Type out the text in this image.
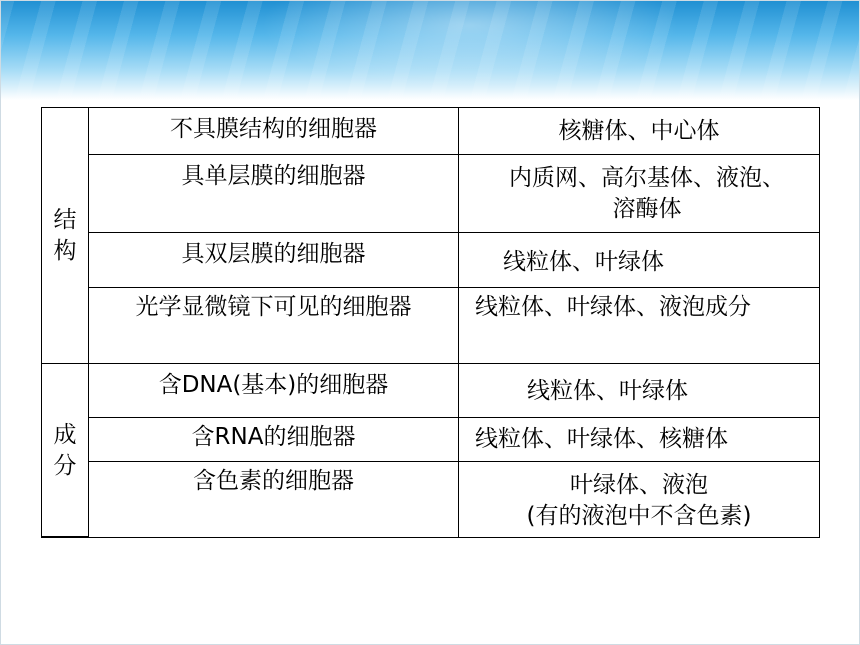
结构	不具膜结构的细胞器	核糖体、中心体
	具单层膜的细胞器	内质网、高尔基体、液泡、溶酶体
	具双层膜的细胞器	线粒体、叶绿体
	光学显微镜下可见的细胞器	线粒体、叶绿体、液泡成分

成分	含DNA(基本)的细胞器	线粒体、叶绿体
	含RNA的细胞器	线粒体、叶绿体、核糖体
	含色素的细胞器	叶绿体、液泡
(有的液泡中不含色素)
